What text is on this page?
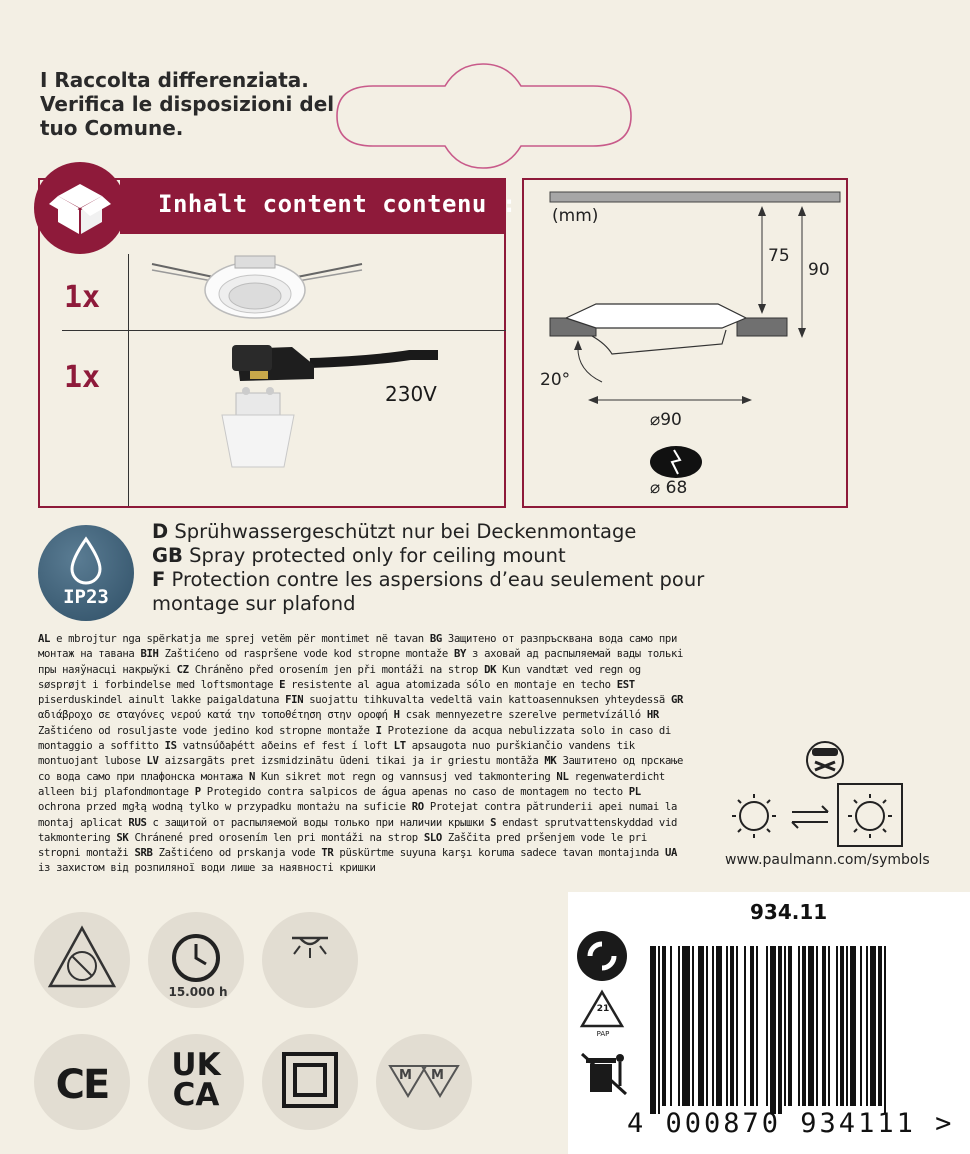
I Raccolta differenziata.
Verifica le disposizioni del
tuo Comune.
Inhalt content contenu :
1x
1x	230V
(mm)
75
90
20°
⌀90
⌀ 68
IP23
D Sprühwassergeschützt nur bei Deckenmontage
GB Spray protected only for ceiling mount
F Protection contre les aspersions d’eau seulement pour
montage sur plafond
AL e mbrojtur nga spërkatja me sprej vetëm për montimet në tavan BG Защитено от разпръсквана вода само при монтаж на тавана BIH Zaštićeno od raspršene vode kod stropne montaže BY з аховай ад распыляемай вады толькі пры наяўнасці накрыўкі CZ Chráněno před orosením jen při montáži na strop DK Kun vandtæt ved regn og søsprøjt i forbindelse med loftsmontage E resistente al agua atomizada sólo en montaje en techo EST piserduskindel ainult lakke paigaldatuna FIN suojattu tihkuvalta vedeltä vain kattoasennuksen yhteydessä GR αδιάβροχο σε σταγόνες νερού κατά την τοποθέτηση στην οροφή H csak mennyezetre szerelve permetvízálló HR Zaštićeno od rosuljaste vode jedino kod stropne montaže I Protezione da acqua nebulizzata solo in caso di montaggio a soffitto IS vatnsúðaþétt aðeins ef fest í loft LT apsaugota nuo purškiančio vandens tik montuojant lubose LV aizsargāts pret izsmidzinātu ūdeni tikai ja ir griestu montāža MK Заштитено од прскање со вода само при плафонска монтажа N Kun sikret mot regn og vannsusj ved takmontering NL regenwaterdicht alleen bij plafondmontage P Protegido contra salpicos de água apenas no caso de montagem no tecto PL ochrona przed mgłą wodną tylko w przypadku montażu na suficie RO Protejat contra pătrunderii apei numai la montaj aplicat RUS с защитой от распыляемой воды только при наличии крышки S endast sprutvattenskyddad vid takmontering SK Chránené pred orosením len pri montáži na strop SLO Zaščita pred pršenjem vode le pri stropni montaži SRB Zaštićeno od prskanja vode TR püskürtme suyuna karşı koruma sadece tavan montajında UA із захистом від розпиляної води лише за наявності кришки
www.paulmann.com/symbols
15.000 h
CE	UK
CA
M M
934.11
21
PAP
4 000870 934111 >
